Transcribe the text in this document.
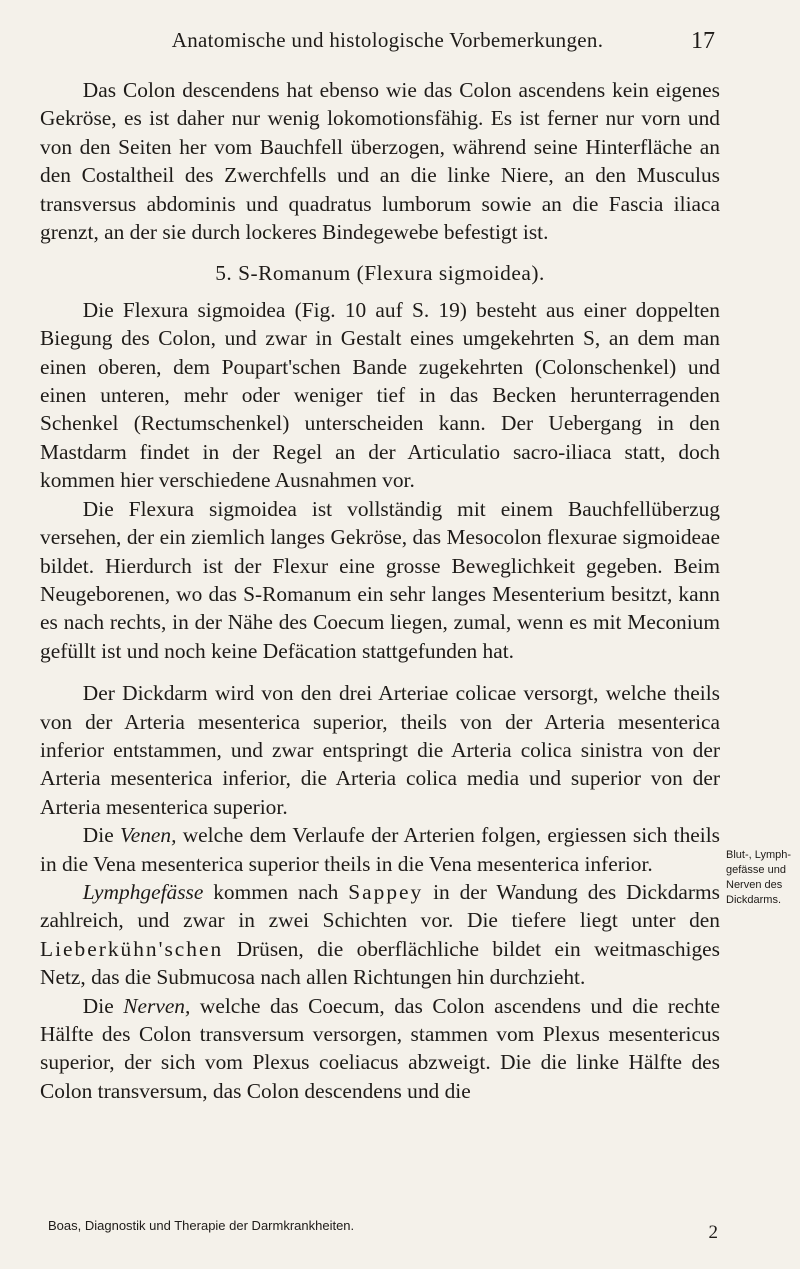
Anatomische und histologische Vorbemerkungen.	17

Das Colon descendens hat ebenso wie das Colon ascendens kein eigenes Gekröse, es ist daher nur wenig lokomotionsfähig. Es ist ferner nur vorn und von den Seiten her vom Bauchfell überzogen, während seine Hinterfläche an den Costaltheil des Zwerchfells und an die linke Niere, an den Musculus transversus abdominis und quadratus lumborum sowie an die Fascia iliaca grenzt, an der sie durch lockeres Bindegewebe befestigt ist.

5. S-Romanum (Flexura sigmoidea).

Die Flexura sigmoidea (Fig. 10 auf S. 19) besteht aus einer doppelten Biegung des Colon, und zwar in Gestalt eines umgekehrten S, an dem man einen oberen, dem Poupart'schen Bande zugekehrten (Colonschenkel) und einen unteren, mehr oder weniger tief in das Becken herunterragenden Schenkel (Rectumschenkel) unterscheiden kann. Der Uebergang in den Mastdarm findet in der Regel an der Articulatio sacro-iliaca statt, doch kommen hier verschiedene Ausnahmen vor.

Die Flexura sigmoidea ist vollständig mit einem Bauchfellüberzug versehen, der ein ziemlich langes Gekröse, das Mesocolon flexurae sigmoideae bildet. Hierdurch ist der Flexur eine grosse Beweglichkeit gegeben. Beim Neugeborenen, wo das S-Romanum ein sehr langes Mesenterium besitzt, kann es nach rechts, in der Nähe des Coecum liegen, zumal, wenn es mit Meconium gefüllt ist und noch keine Defäcation stattgefunden hat.

Der Dickdarm wird von den drei Arteriae colicae versorgt, welche theils von der Arteria mesenterica superior, theils von der Arteria mesenterica inferior entstammen, und zwar entspringt die Arteria colica sinistra von der Arteria mesenterica inferior, die Arteria colica media und superior von der Arteria mesenterica superior.

Die Venen, welche dem Verlaufe der Arterien folgen, ergiessen sich theils in die Vena mesenterica superior theils in die Vena mesenterica inferior.

Lymphgefässe kommen nach Sappey in der Wandung des Dickdarms zahlreich, und zwar in zwei Schichten vor. Die tiefere liegt unter den Lieberkühn'schen Drüsen, die oberflächliche bildet ein weitmaschiges Netz, das die Submucosa nach allen Richtungen hin durchzieht.

Die Nerven, welche das Coecum, das Colon ascendens und die rechte Hälfte des Colon transversum versorgen, stammen vom Plexus mesentericus superior, der sich vom Plexus coeliacus abzweigt. Die die linke Hälfte des Colon transversum, das Colon descendens und die

Blut-, Lymph-
gefässe und
Nerven des
Dickdarms.
Boas, Diagnostik und Therapie der Darmkrankheiten.	2
